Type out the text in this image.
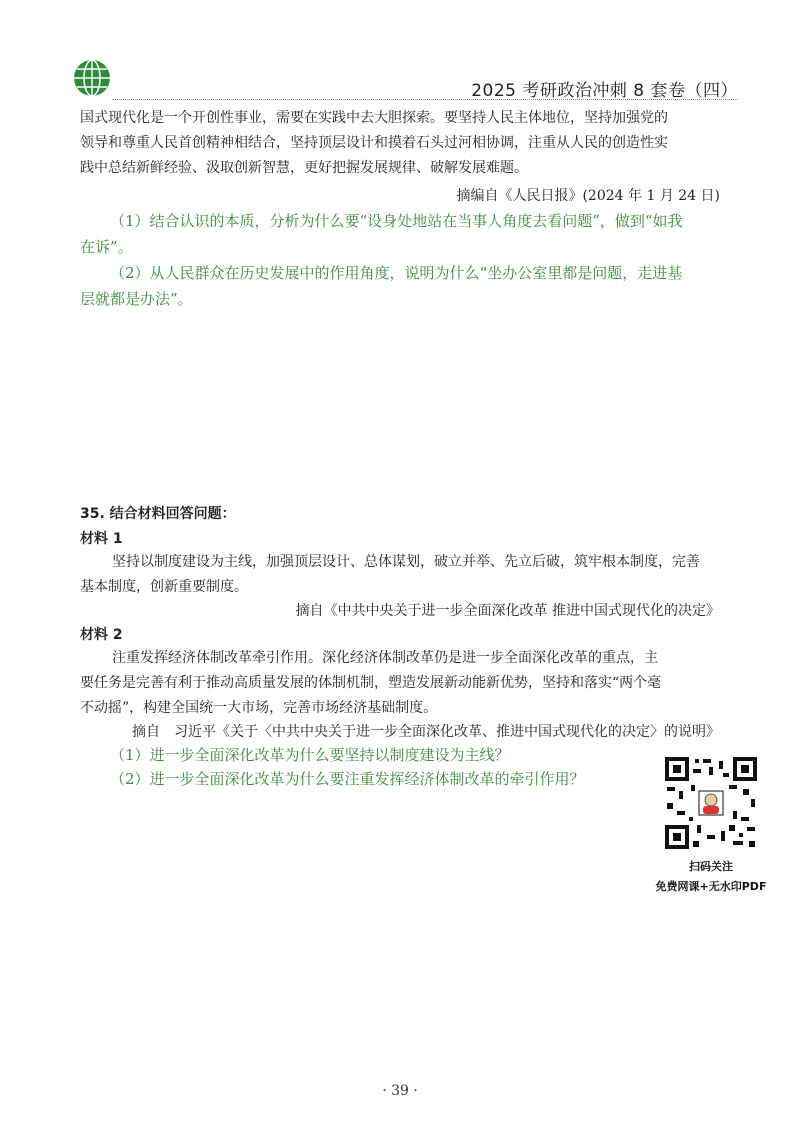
2025 考研政治冲刺 8 套卷（四）

国式现代化是一个开创性事业，需要在实践中去大胆探索。要坚持人民主体地位，坚持加强党的

领导和尊重人民首创精神相结合，坚持顶层设计和摸着石头过河相协调，注重从人民的创造性实

践中总结新鲜经验、汲取创新智慧，更好把握发展规律、破解发展难题。

摘编自《人民日报》(2024 年 1 月 24 日)

（1）结合认识的本质，分析为什么要“设身处地站在当事人角度去看问题”，做到“如我

在诉”。

（2）从人民群众在历史发展中的作用角度，说明为什么“坐办公室里都是问题，走进基

层就都是办法”。

35. 结合材料回答问题：

材料 1

坚持以制度建设为主线，加强顶层设计、总体谋划，破立并举、先立后破，筑牢根本制度，完善

基本制度，创新重要制度。

摘自《中共中央关于进一步全面深化改革 推进中国式现代化的决定》

材料 2

注重发挥经济体制改革牵引作用。深化经济体制改革仍是进一步全面深化改革的重点，主

要任务是完善有利于推动高质量发展的体制机制，塑造发展新动能新优势，坚持和落实“两个毫

不动摇”，构建全国统一大市场，完善市场经济基础制度。

摘自　习近平《关于〈中共中央关于进一步全面深化改革、推进中国式现代化的决定〉的说明》

（1）进一步全面深化改革为什么要坚持以制度建设为主线？

（2）进一步全面深化改革为什么要注重发挥经济体制改革的牵引作用？

扫码关注

免费网课+无水印PDF

· 39 ·
